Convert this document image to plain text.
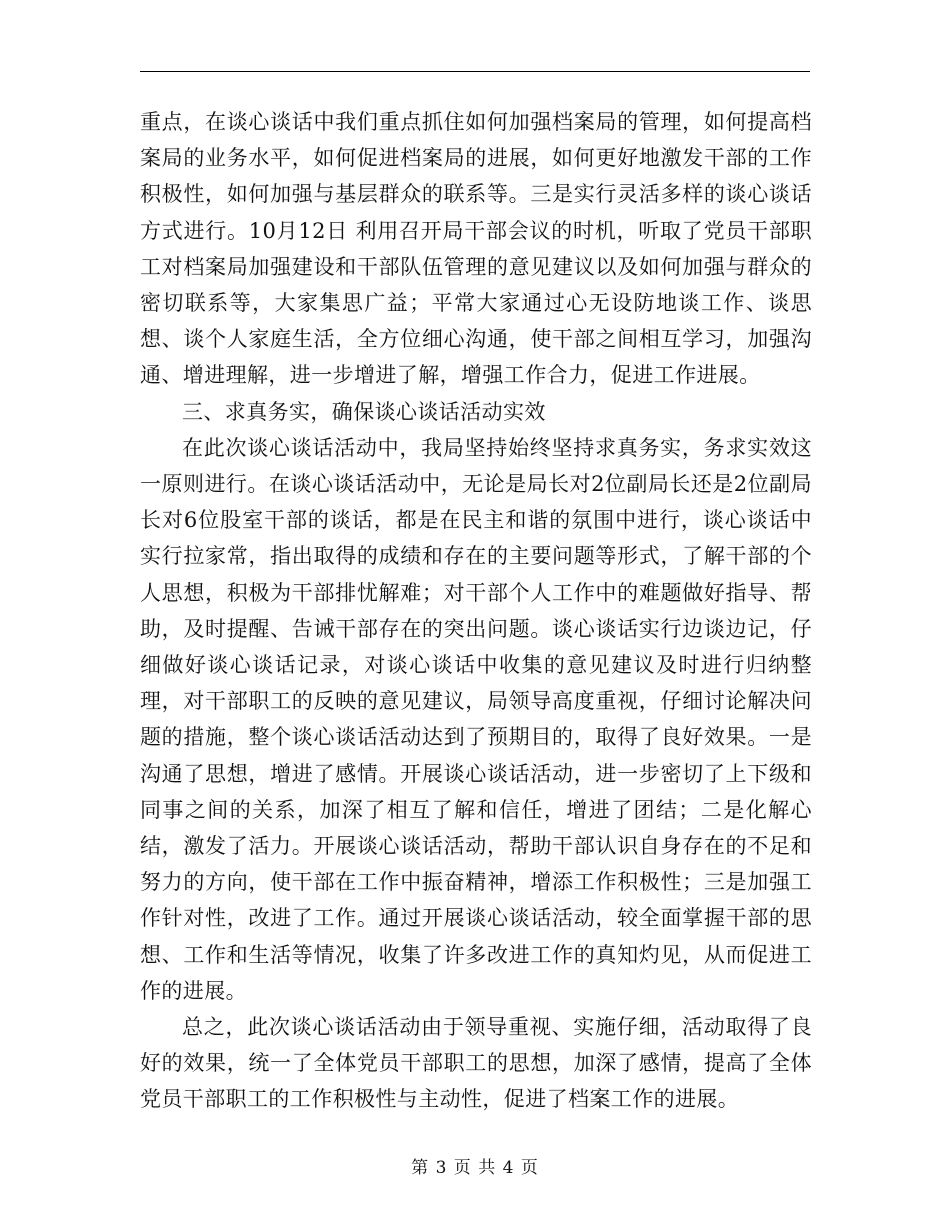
重点，在谈心谈话中我们重点抓住如何加强档案局的管理，如何提高档案局的业务水平，如何促进档案局的进展，如何更好地激发干部的工作积极性，如何加强与基层群众的联系等。三是实行灵活多样的谈心谈话方式进行。10月12日 利用召开局干部会议的时机，听取了党员干部职工对档案局加强建设和干部队伍管理的意见建议以及如何加强与群众的密切联系等，大家集思广益；平常大家通过心无设防地谈工作、谈思想、谈个人家庭生活，全方位细心沟通，使干部之间相互学习，加强沟通、增进理解，进一步增进了解，增强工作合力，促进工作进展。

三、求真务实，确保谈心谈话活动实效

在此次谈心谈话活动中，我局坚持始终坚持求真务实，务求实效这一原则进行。在谈心谈话活动中，无论是局长对2位副局长还是2位副局长对6位股室干部的谈话，都是在民主和谐的氛围中进行，谈心谈话中实行拉家常，指出取得的成绩和存在的主要问题等形式，了解干部的个人思想，积极为干部排忧解难；对干部个人工作中的难题做好指导、帮助，及时提醒、告诫干部存在的突出问题。谈心谈话实行边谈边记，仔细做好谈心谈话记录，对谈心谈话中收集的意见建议及时进行归纳整理，对干部职工的反映的意见建议，局领导高度重视，仔细讨论解决问题的措施，整个谈心谈话活动达到了预期目的，取得了良好效果。一是沟通了思想，增进了感情。开展谈心谈话活动，进一步密切了上下级和同事之间的关系，加深了相互了解和信任，增进了团结；二是化解心结，激发了活力。开展谈心谈话活动，帮助干部认识自身存在的不足和努力的方向，使干部在工作中振奋精神，增添工作积极性；三是加强工作针对性，改进了工作。通过开展谈心谈话活动，较全面掌握干部的思想、工作和生活等情况，收集了许多改进工作的真知灼见，从而促进工作的进展。

总之，此次谈心谈话活动由于领导重视、实施仔细，活动取得了良好的效果，统一了全体党员干部职工的思想，加深了感情，提高了全体党员干部职工的工作积极性与主动性，促进了档案工作的进展。

第 3 页 共 4 页
